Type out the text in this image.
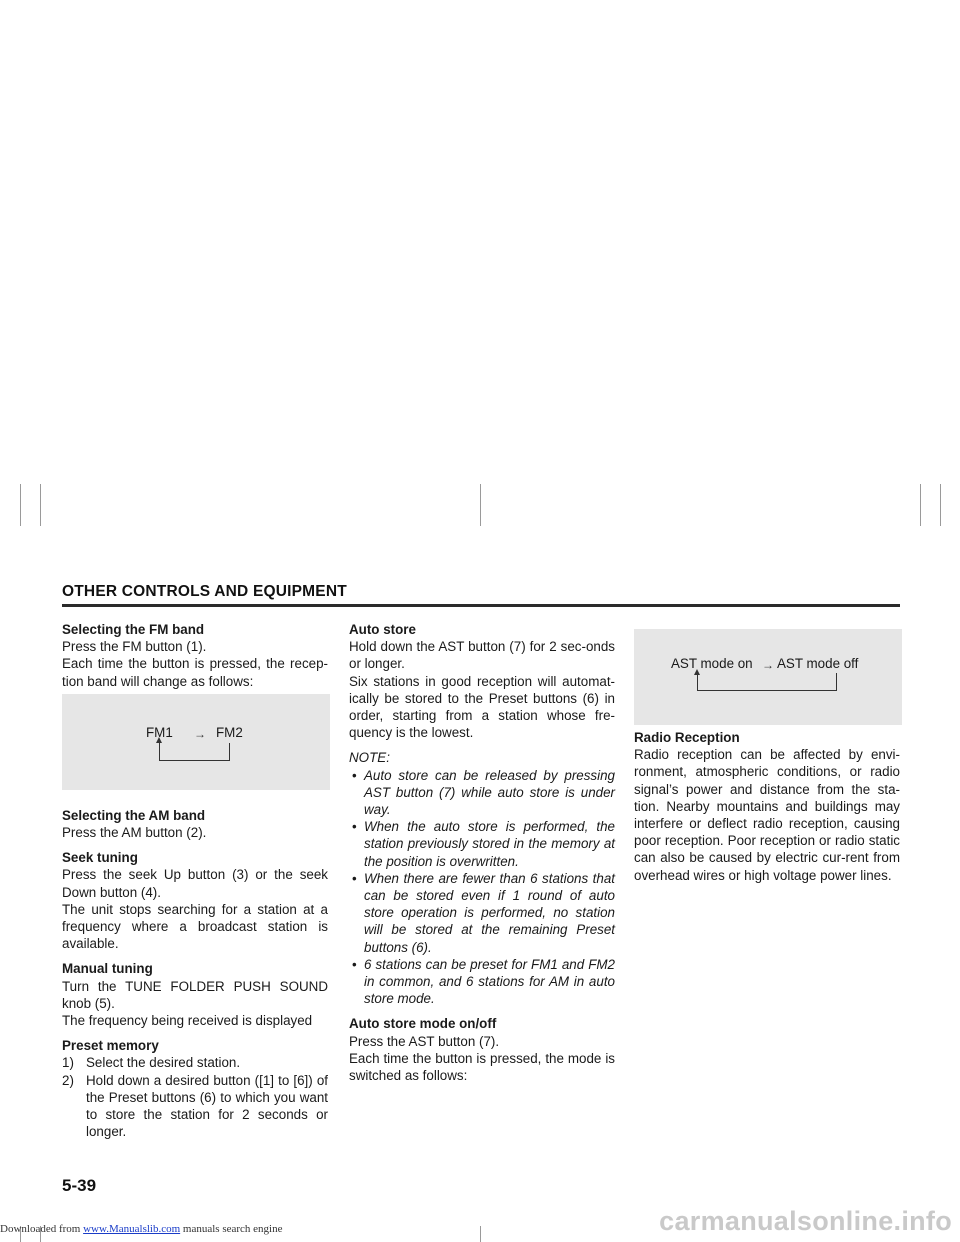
OTHER CONTROLS AND EQUIPMENT
Selecting the FM band

Press the FM button (1).

Each time the button is pressed, the recep-tion band will change as follows:

Selecting the AM band

Press the AM button (2).

Seek tuning

Press the seek Up button (3) or the seek Down button (4).

The unit stops searching for a station at a frequency where a broadcast station is available.

Manual tuning

Turn the TUNE FOLDER PUSH SOUND knob (5).

The frequency being received is displayed

Preset memory
1) Select the desired station.
2) Hold down a desired button ([1] to [6]) of the Preset buttons (6) to which you want to store the station for 2 seconds or longer.
FM1 → FM2
Auto store

Hold down the AST button (7) for 2 sec-onds or longer.

Six stations in good reception will automat-ically be stored to the Preset buttons (6) in order, starting from a station whose fre-quency is the lowest.

NOTE:

• Auto store can be released by pressing AST button (7) while auto store is under way.
• When the auto store is performed, the station previously stored in the memory at the position is overwritten.
• When there are fewer than 6 stations that can be stored even if 1 round of auto store operation is performed, no station will be stored at the remaining Preset buttons (6).
• 6 stations can be preset for FM1 and FM2 in common, and 6 stations for AM in auto store mode.
Auto store mode on/off

Press the AST button (7).

Each time the button is pressed, the mode is switched as follows:

AST mode on → AST mode off
Radio Reception

Radio reception can be affected by envi-ronment, atmospheric conditions, or radio signal’s power and distance from the sta-tion. Nearby mountains and buildings may interfere or deflect radio reception, causing poor reception. Poor reception or radio static can also be caused by electric cur-rent from overhead wires or high voltage power lines.

5-39
Downloaded from www.Manualslib.com manuals search engine	carmanualsonline.info
